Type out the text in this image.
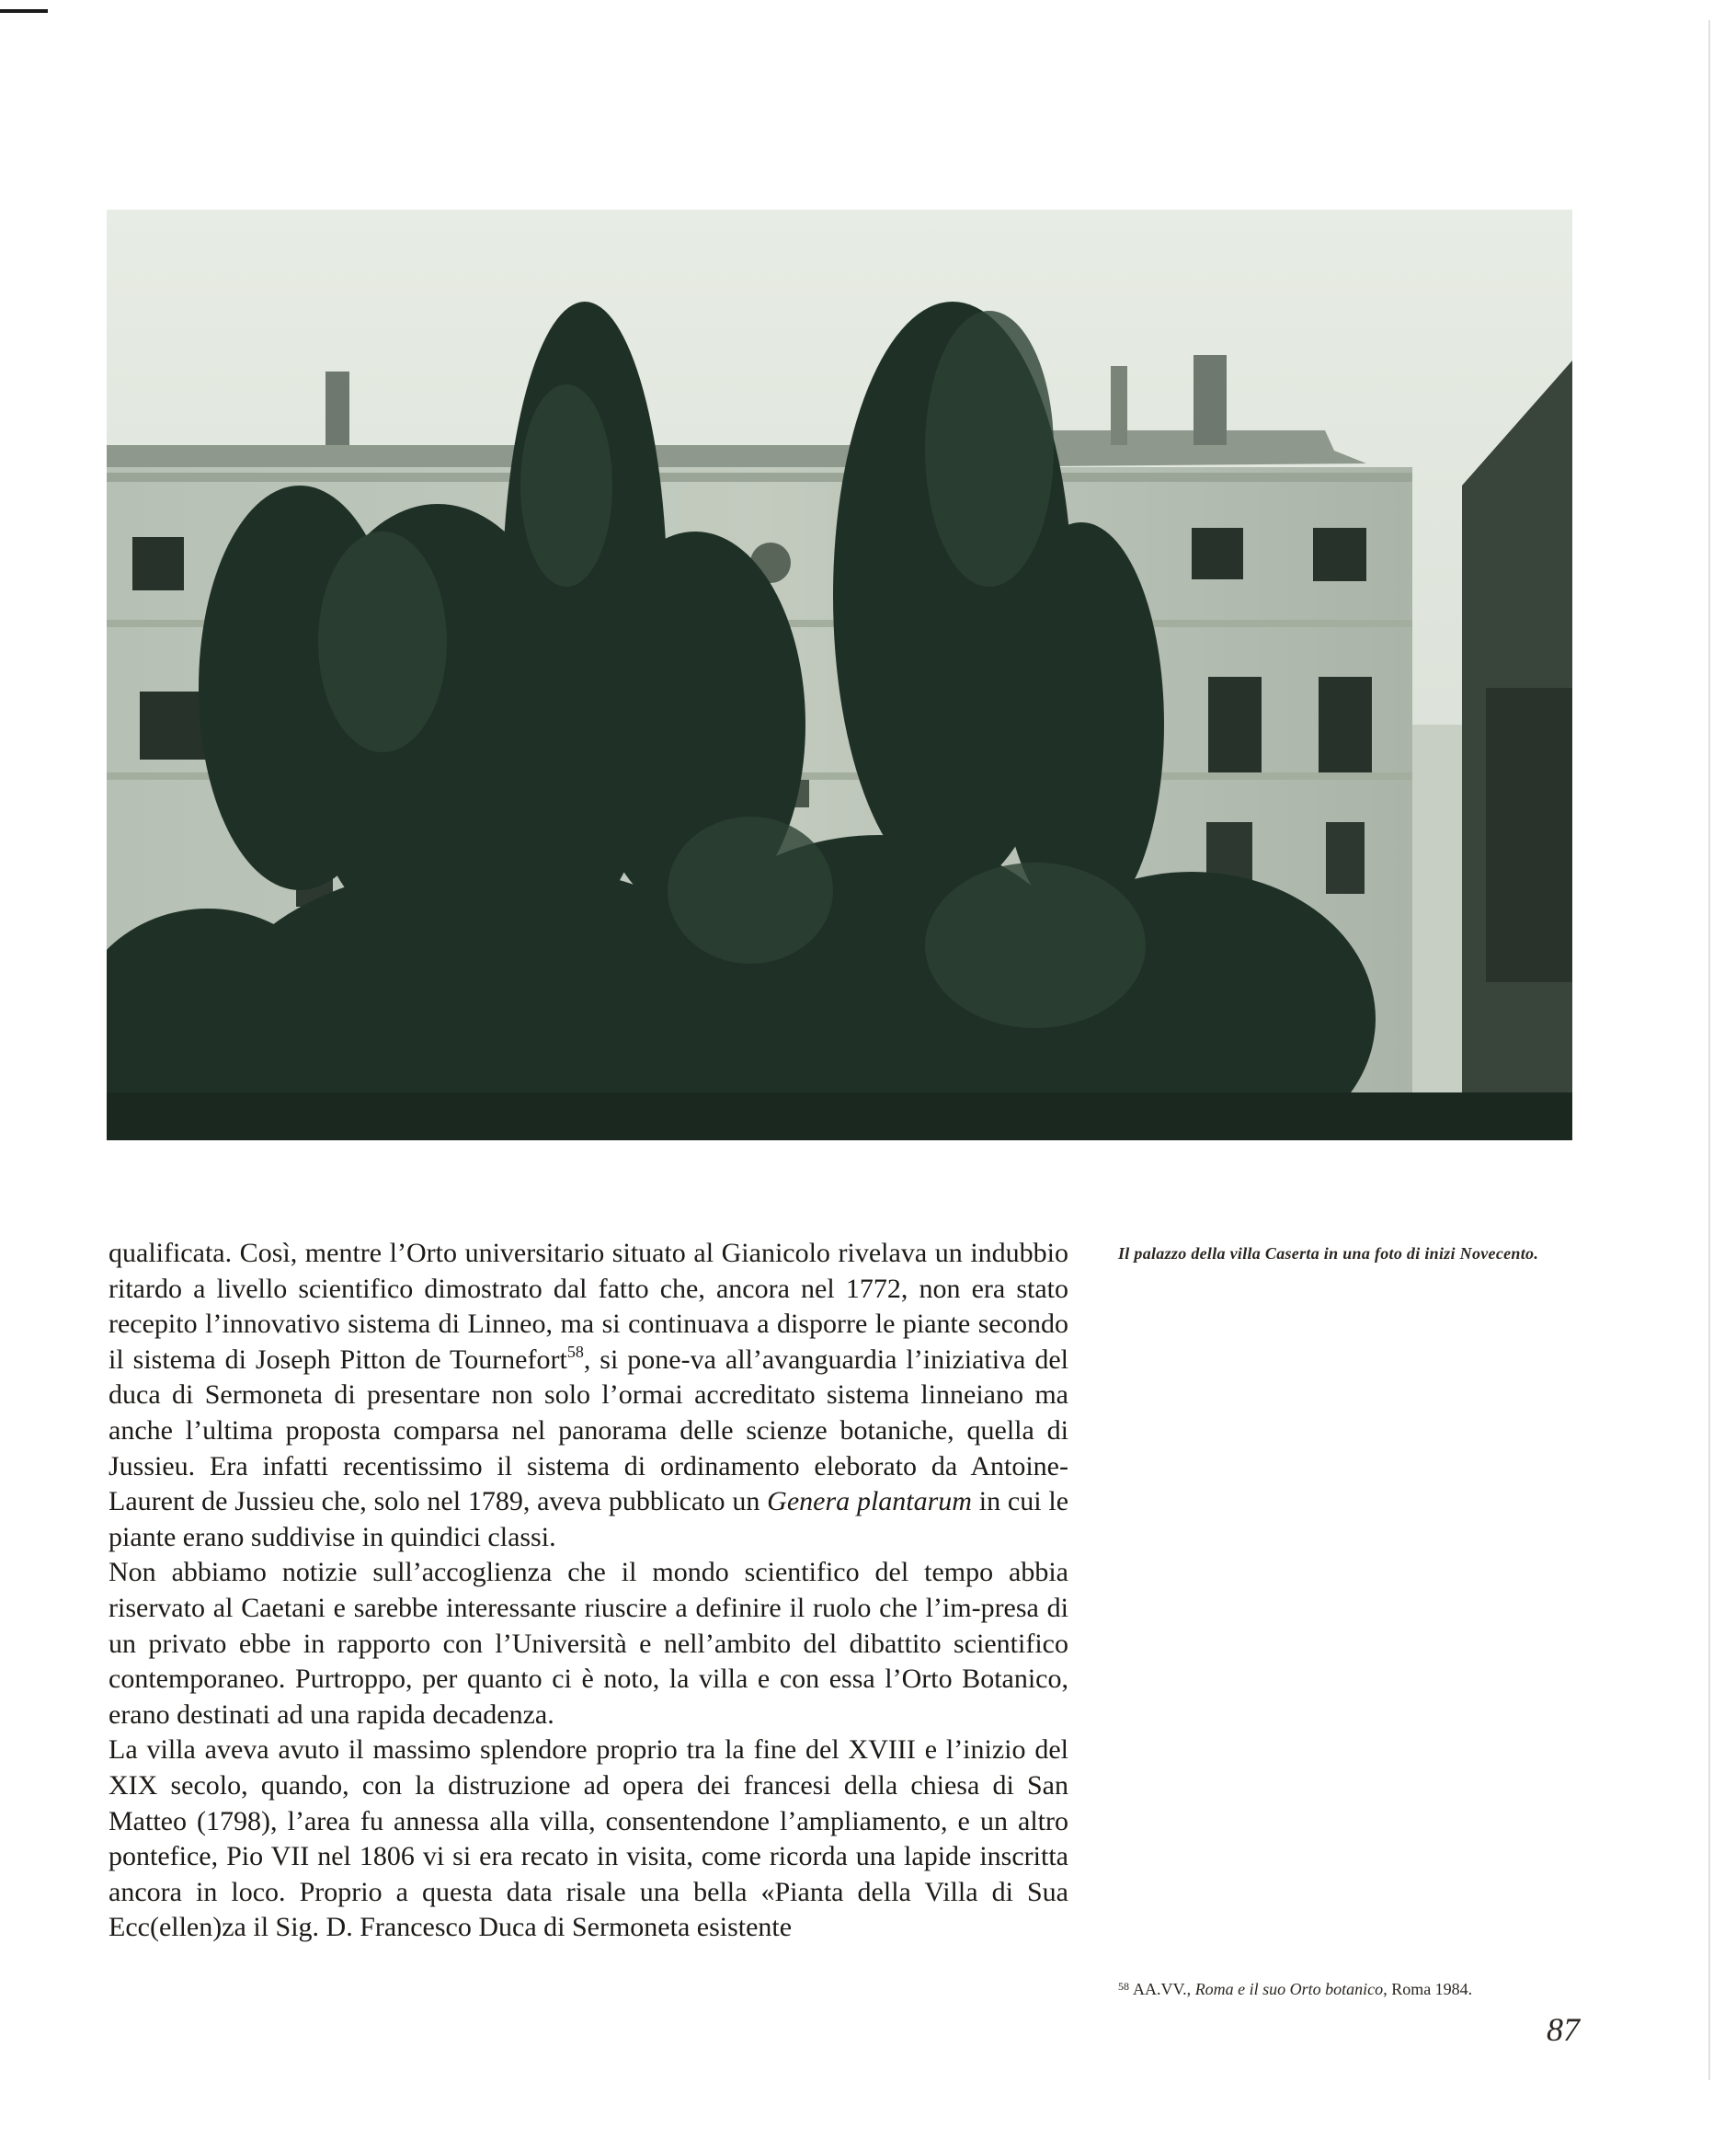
qualificata. Così, mentre l’Orto universitario situato al Gianicolo rivelava un indubbio ritardo a livello scientifico dimostrato dal fatto che, ancora nel 1772, non era stato recepito l’innovativo sistema di Linneo, ma si continuava a disporre le piante secondo il sistema di Joseph Pitton de Tournefort$^{58}$, si pone-va all’avanguardia l’iniziativa del duca di Sermoneta di presentare non solo l’ormai accreditato sistema linneiano ma anche l’ultima proposta comparsa nel panorama delle scienze botaniche, quella di Jussieu. Era infatti recentissimo il sistema di ordinamento eleborato da Antoine-Laurent de Jussieu che, solo nel 1789, aveva pubblicato un Genera plantarum in cui le piante erano suddivise in quindici classi.

Non abbiamo notizie sull’accoglienza che il mondo scientifico del tempo abbia riservato al Caetani e sarebbe interessante riuscire a definire il ruolo che l’im-presa di un privato ebbe in rapporto con l’Università e nell’ambito del dibattito scientifico contemporaneo. Purtroppo, per quanto ci è noto, la villa e con essa l’Orto Botanico, erano destinati ad una rapida decadenza.

La villa aveva avuto il massimo splendore proprio tra la fine del XVIII e l’inizio del XIX secolo, quando, con la distruzione ad opera dei francesi della chiesa di San Matteo (1798), l’area fu annessa alla villa, consentendone l’ampliamento, e un altro pontefice, Pio VII nel 1806 vi si era recato in visita, come ricorda una lapide inscritta ancora in loco. Proprio a questa data risale una bella «Pianta della Villa di Sua Ecc(ellen)za il Sig. D. Francesco Duca di Sermoneta esistente

Il palazzo della villa Caserta in una foto di inizi Novecento.
$^{58}$ AA.VV., Roma e il suo Orto botanico, Roma 1984.
87
